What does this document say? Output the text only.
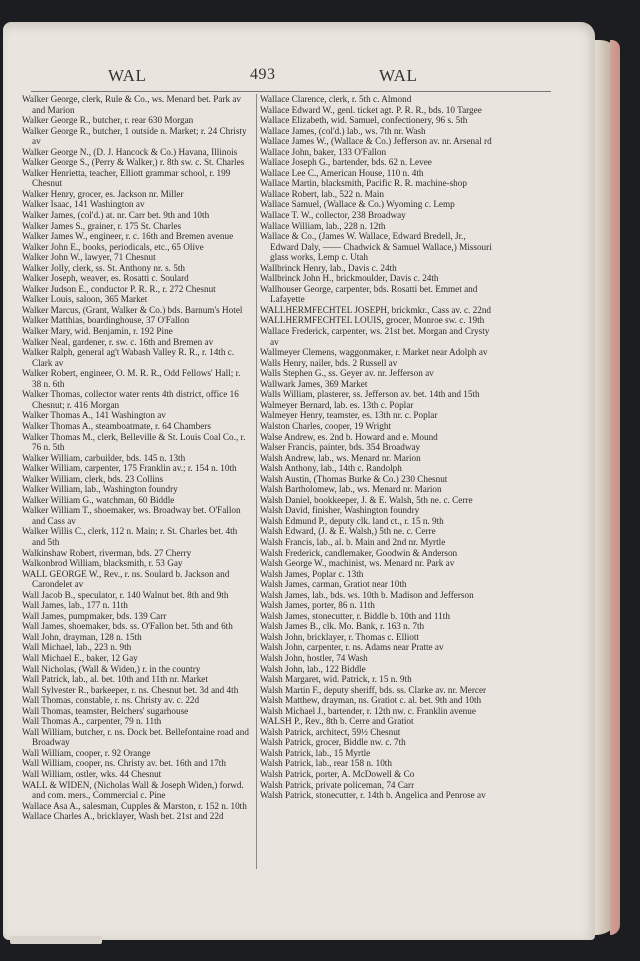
WAL	493	WAL
Walker George, clerk, Rule & Co., ws. Menard bet. Park av and Marion
Walker George R., butcher, r. rear 630 Morgan
Walker George R., butcher, 1 outside n. Market; r. 24 Christy av
Walker George N., (D. J. Hancock & Co.) Havana, Illinois
Walker George S., (Perry & Walker,) r. 8th sw. c. St. Charles
Walker Henrietta, teacher, Elliott grammar school, r. 199 Chesnut
Walker Henry, grocer, es. Jackson nr. Miller
Walker Isaac, 141 Washington av
Walker James, (col'd.) at. nr. Carr bet. 9th and 10th
Walker James S., grainer, r. 175 St. Charles
Walker James W., engineer, r. c. 16th and Bremen avenue
Walker John E., books, periodicals, etc., 65 Olive
Walker John W., lawyer, 71 Chesnut
Walker Jolly, clerk, ss. St. Anthony nr. s. 5th
Walker Joseph, weaver, es. Rosatti c. Soulard
Walker Judson E., conductor P. R. R., r. 272 Chesnut
Walker Louis, saloon, 365 Market
Walker Marcus, (Grant, Walker & Co.) bds. Barnum's Hotel
Walker Matthias, boardinghouse, 37 O'Fallon
Walker Mary, wid. Benjamin, r. 192 Pine
Walker Neal, gardener, r. sw. c. 16th and Bremen av
Walker Ralph, general ag't Wabash Valley R. R., r. 14th c. Clark av
Walker Robert, engineer, O. M. R. R., Odd Fellows' Hall; r. 38 n. 6th
Walker Thomas, collector water rents 4th district, office 16 Chesnut; r. 416 Morgan
Walker Thomas A., 141 Washington av
Walker Thomas A., steamboatmate, r. 64 Chambers
Walker Thomas M., clerk, Belleville & St. Louis Coal Co., r. 76 n. 5th
Walker William, carbuilder, bds. 145 n. 13th
Walker William, carpenter, 175 Franklin av.; r. 154 n. 10th
Walker William, clerk, bds. 23 Collins
Walker William, lab., Washington foundry
Walker William G., watchman, 60 Biddle
Walker William T., shoemaker, ws. Broadway bet. O'Fallon and Cass av
Walker Willis C., clerk, 112 n. Main; r. St. Charles bet. 4th and 5th
Walkinshaw Robert, riverman, bds. 27 Cherry
Walkonbrod William, blacksmith, r. 53 Gay
WALL GEORGE W., Rev., r. ns. Soulard b. Jackson and Carondelet av
Wall Jacob B., speculator, r. 140 Walnut bet. 8th and 9th
Wall James, lab., 177 n. 11th
Wall James, pumpmaker, bds. 139 Carr
Wall James, shoemaker, bds. ss. O'Fallon bet. 5th and 6th
Wall John, drayman, 128 n. 15th
Wall Michael, lab., 223 n. 9th
Wall Michael E., baker, 12 Gay
Wall Nicholas, (Wall & Widen,) r. in the country
Wall Patrick, lab., al. bet. 10th and 11th nr. Market
Wall Sylvester R., barkeeper, r. ns. Chesnut bet. 3d and 4th
Wall Thomas, constable, r. ns. Christy av. c. 22d
Wall Thomas, teamster, Belchers' sugarhouse
Wall Thomas A., carpenter, 79 n. 11th
Wall William, butcher, r. ns. Dock bet. Bellefontaine road and Broadway
Wall William, cooper, r. 92 Orange
Wall William, cooper, ns. Christy av. bet. 16th and 17th
Wall William, ostler, wks. 44 Chesnut
WALL & WIDEN, (Nicholas Wall & Joseph Widen,) forwd. and com. mers., Commercial c. Pine
Wallace Asa A., salesman, Cupples & Marston, r. 152 n. 10th
Wallace Charles A., bricklayer, Wash bet. 21st and 22d
Wallace Clarence, clerk, r. 5th c. Almond
Wallace Edward W., genl. ticket agt. P. R. R., bds. 10 Targee
Wallace Elizabeth, wid. Samuel, confectionery, 96 s. 5th
Wallace James, (col'd.) lab., ws. 7th nr. Wash
Wallace James W., (Wallace & Co.) Jefferson av. nr. Arsenal rd
Wallace John, baker, 133 O'Fallon
Wallace Joseph G., bartender, bds. 62 n. Levee
Wallace Lee C., American House, 110 n. 4th
Wallace Martin, blacksmith, Pacific R. R. machine-shop
Wallace Robert, lab., 522 n. Main
Wallace Samuel, (Wallace & Co.) Wyoming c. Lemp
Wallace T. W., collector, 238 Broadway
Wallace William, lab., 228 n. 12th
Wallace & Co., (James W. Wallace, Edward Bredell, Jr., Edward Daly, —— Chadwick & Samuel Wallace,) Missouri glass works, Lemp c. Utah
Wallbrinck Henry, lab., Davis c. 24th
Wallbrinck John H., brickmoulder, Davis c. 24th
Wallhouser George, carpenter, bds. Rosatti bet. Emmet and Lafayette
WALLHERMFECHTEL JOSEPH, brickmkr., Cass av. c. 22nd
WALLHERMFECHTEL LOUIS, grocer, Monroe sw. c. 19th
Wallace Frederick, carpenter, ws. 21st bet. Morgan and Crysty av
Wallmeyer Clemens, waggonmaker, r. Market near Adolph av
Walls Henry, nailer, bds. 2 Russell av
Walls Stephen G., ss. Geyer av. nr. Jefferson av
Wallwark James, 369 Market
Walls William, plasterer, ss. Jefferson av. bet. 14th and 15th
Walmeyer Bernard, lab. es. 13th c. Poplar
Walmeyer Henry, teamster, es. 13th nr. c. Poplar
Walston Charles, cooper, 19 Wright
Walse Andrew, es. 2nd b. Howard and e. Mound
Walser Francis, painter, bds. 354 Broadway
Walsh Andrew, lab., ws. Menard nr. Marion
Walsh Anthony, lab., 14th c. Randolph
Walsh Austin, (Thomas Burke & Co.) 230 Chesnut
Walsh Bartholomew, lab., ws. Menard nr. Marion
Walsh Daniel, bookkeeper, J. & E. Walsh, 5th ne. c. Cerre
Walsh David, finisher, Washington foundry
Walsh Edmund P., deputy clk. land ct., r. 15 n. 9th
Walsh Edward, (J. & E. Walsh,) 5th ne. c. Cerre
Walsh Francis, lab., al. b. Main and 2nd nr. Myrtle
Walsh Frederick, candlemaker, Goodwin & Anderson
Walsh George W., machinist, ws. Menard nr. Park av
Walsh James, Poplar c. 13th
Walsh James, carman, Gratiot near 10th
Walsh James, lab., bds. ws. 10th b. Madison and Jefferson
Walsh James, porter, 86 n. 11th
Walsh James, stonecutter, r. Biddle b. 10th and 11th
Walsh James B., clk. Mo. Bank, r. 163 n. 7th
Walsh John, bricklayer, r. Thomas c. Elliott
Walsh John, carpenter, r. ns. Adams near Pratte av
Walsh John, hostler, 74 Wash
Walsh John, lab., 122 Biddle
Walsh Margaret, wid. Patrick, r. 15 n. 9th
Walsh Martin F., deputy sheriff, bds. ss. Clarke av. nr. Mercer
Walsh Matthew, drayman, ns. Gratiot c. al. bet. 9th and 10th
Walsh Michael J., bartender, r. 12th nw. c. Franklin avenue
WALSH P., Rev., 8th b. Cerre and Gratiot
Walsh Patrick, architect, 59½ Chesnut
Walsh Patrick, grocer, Biddle nw. c. 7th
Walsh Patrick, lab., 15 Myrtle
Walsh Patrick, lab., rear 158 n. 10th
Walsh Patrick, porter, A. McDowell & Co
Walsh Patrick, private policeman, 74 Carr
Walsh Patrick, stonecutter, r. 14th b. Angelica and Penrose av
